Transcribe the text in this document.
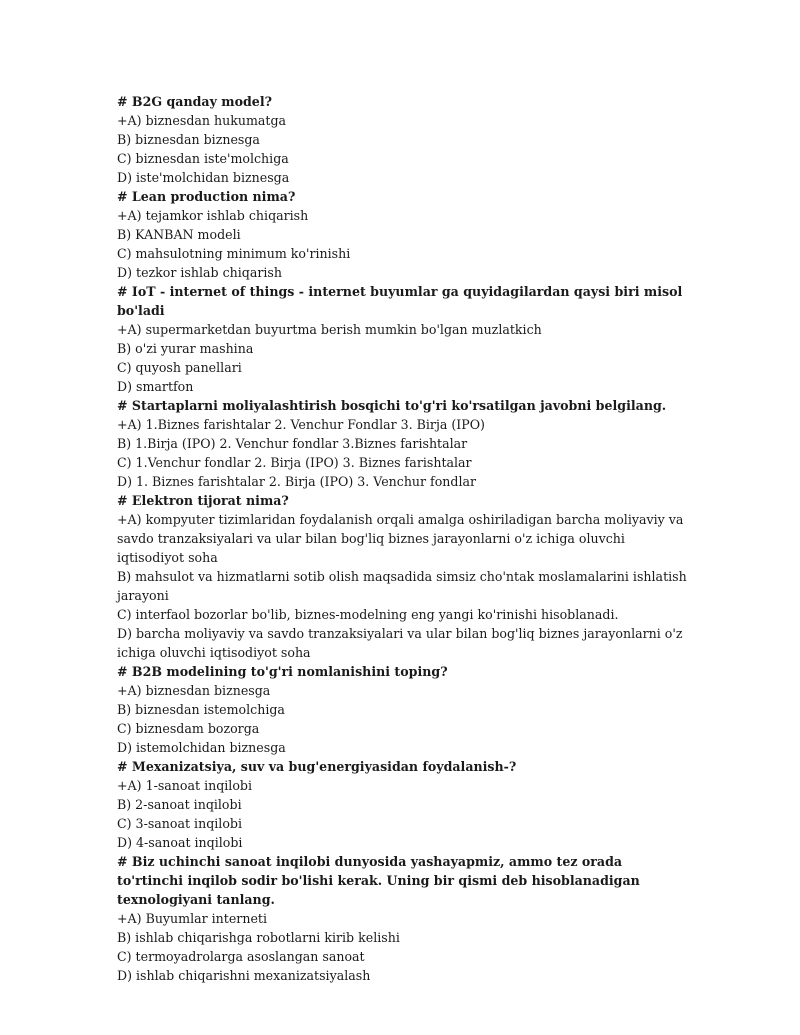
# B2G qanday model?

+A) biznesdan hukumatga

B) biznesdan biznesga

C) biznesdan iste'molchiga

D) iste'molchidan biznesga

# Lean production nima?

+A) tejamkor ishlab chiqarish

B) KANBAN modeli

C) mahsulotning minimum ko'rinishi

D) tezkor ishlab chiqarish

# IoT - internet of things - internet buyumlar ga quyidagilardan qaysi biri misol bo'ladi

+A) supermarketdan buyurtma berish mumkin bo'lgan muzlatkich

B) o'zi yurar mashina

C) quyosh panellari

D) smartfon

# Startaplarni moliyalashtirish bosqichi to'g'ri ko'rsatilgan javobni belgilang.

+A) 1.Biznes farishtalar 2. Venchur Fondlar 3. Birja (IPO)

B) 1.Birja (IPO) 2. Venchur fondlar 3.Biznes farishtalar

C) 1.Venchur fondlar 2. Birja (IPO) 3. Biznes farishtalar

D) 1. Biznes farishtalar 2. Birja (IPO) 3. Venchur fondlar

# Elektron tijorat nima?

+A) kompyuter tizimlaridan foydalanish orqali amalga oshiriladigan barcha moliyaviy va savdo tranzaksiyalari va ular bilan bog'liq biznes jarayonlarni o'z ichiga oluvchi iqtisodiyot soha

B) mahsulot va hizmatlarni sotib olish maqsadida simsiz cho'ntak moslamalarini ishlatish jarayoni

C) interfaol bozorlar bo'lib, biznes-modelning eng yangi ko'rinishi hisoblanadi.

D) barcha moliyaviy va savdo tranzaksiyalari va ular bilan bog'liq biznes jarayonlarni o'z ichiga oluvchi iqtisodiyot soha

# B2B modelining to'g'ri nomlanishini toping?

+A) biznesdan biznesga

B) biznesdan istemolchiga

C) biznesdam bozorga

D) istemolchidan biznesga

# Mexanizatsiya, suv va bug'energiyasidan foydalanish-?

+A) 1-sanoat inqilobi

B) 2-sanoat inqilobi

C) 3-sanoat inqilobi

D) 4-sanoat inqilobi

# Biz uchinchi sanoat inqilobi dunyosida yashayapmiz, ammo tez orada to'rtinchi inqilob sodir bo'lishi kerak. Uning bir qismi deb hisoblanadigan texnologiyani tanlang.

+A) Buyumlar interneti

B) ishlab chiqarishga robotlarni kirib kelishi

C) termoyadrolarga asoslangan sanoat

D) ishlab chiqarishni mexanizatsiyalash
